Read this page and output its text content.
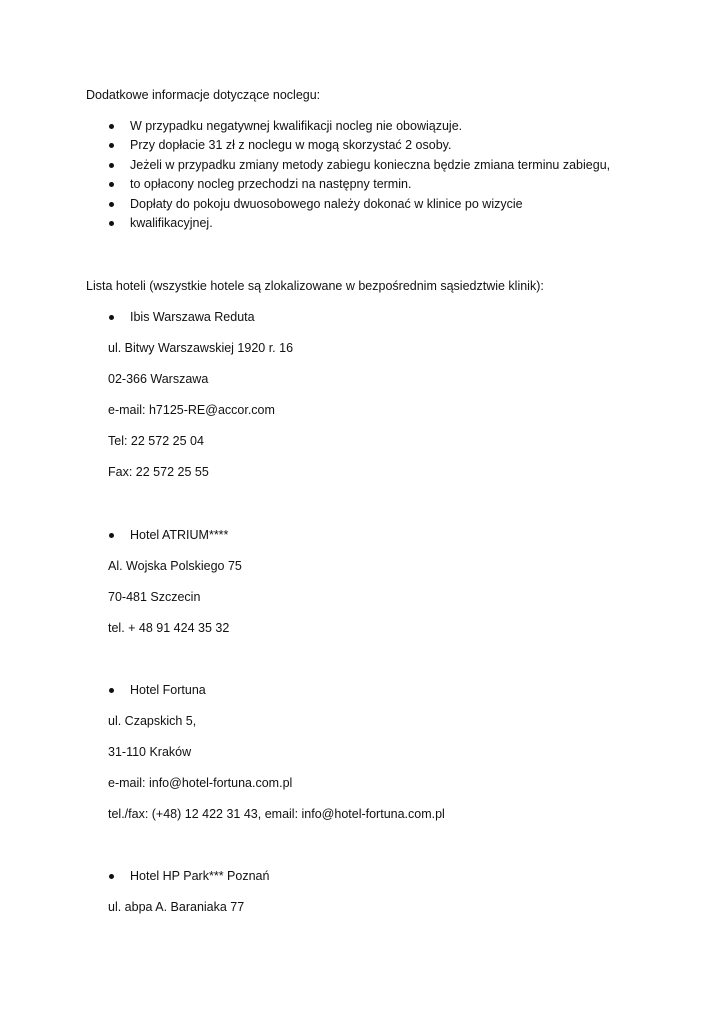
Dodatkowe informacje dotyczące noclegu:
W przypadku negatywnej kwalifikacji nocleg nie obowiązuje.
Przy dopłacie 31 zł z noclegu w mogą skorzystać 2 osoby.
Jeżeli w przypadku zmiany metody zabiegu konieczna będzie zmiana terminu zabiegu,
to opłacony nocleg przechodzi na następny termin.
Dopłaty do pokoju dwuosobowego należy dokonać w klinice po wizycie
kwalifikacyjnej.
Lista hoteli (wszystkie hotele są zlokalizowane w bezpośrednim sąsiedztwie klinik):
Ibis Warszawa Reduta
ul. Bitwy Warszawskiej 1920 r. 16
02-366 Warszawa
e-mail: h7125-RE@accor.com
Tel: 22 572 25 04
Fax: 22 572 25 55
Hotel ATRIUM****
Al. Wojska Polskiego 75
70-481 Szczecin
tel. + 48 91 424 35 32
Hotel Fortuna
ul. Czapskich 5,
31-110 Kraków
e-mail: info@hotel-fortuna.com.pl
tel./fax: (+48) 12 422 31 43, email: info@hotel-fortuna.com.pl
Hotel HP Park*** Poznań
ul. abpa A. Baraniaka 77
